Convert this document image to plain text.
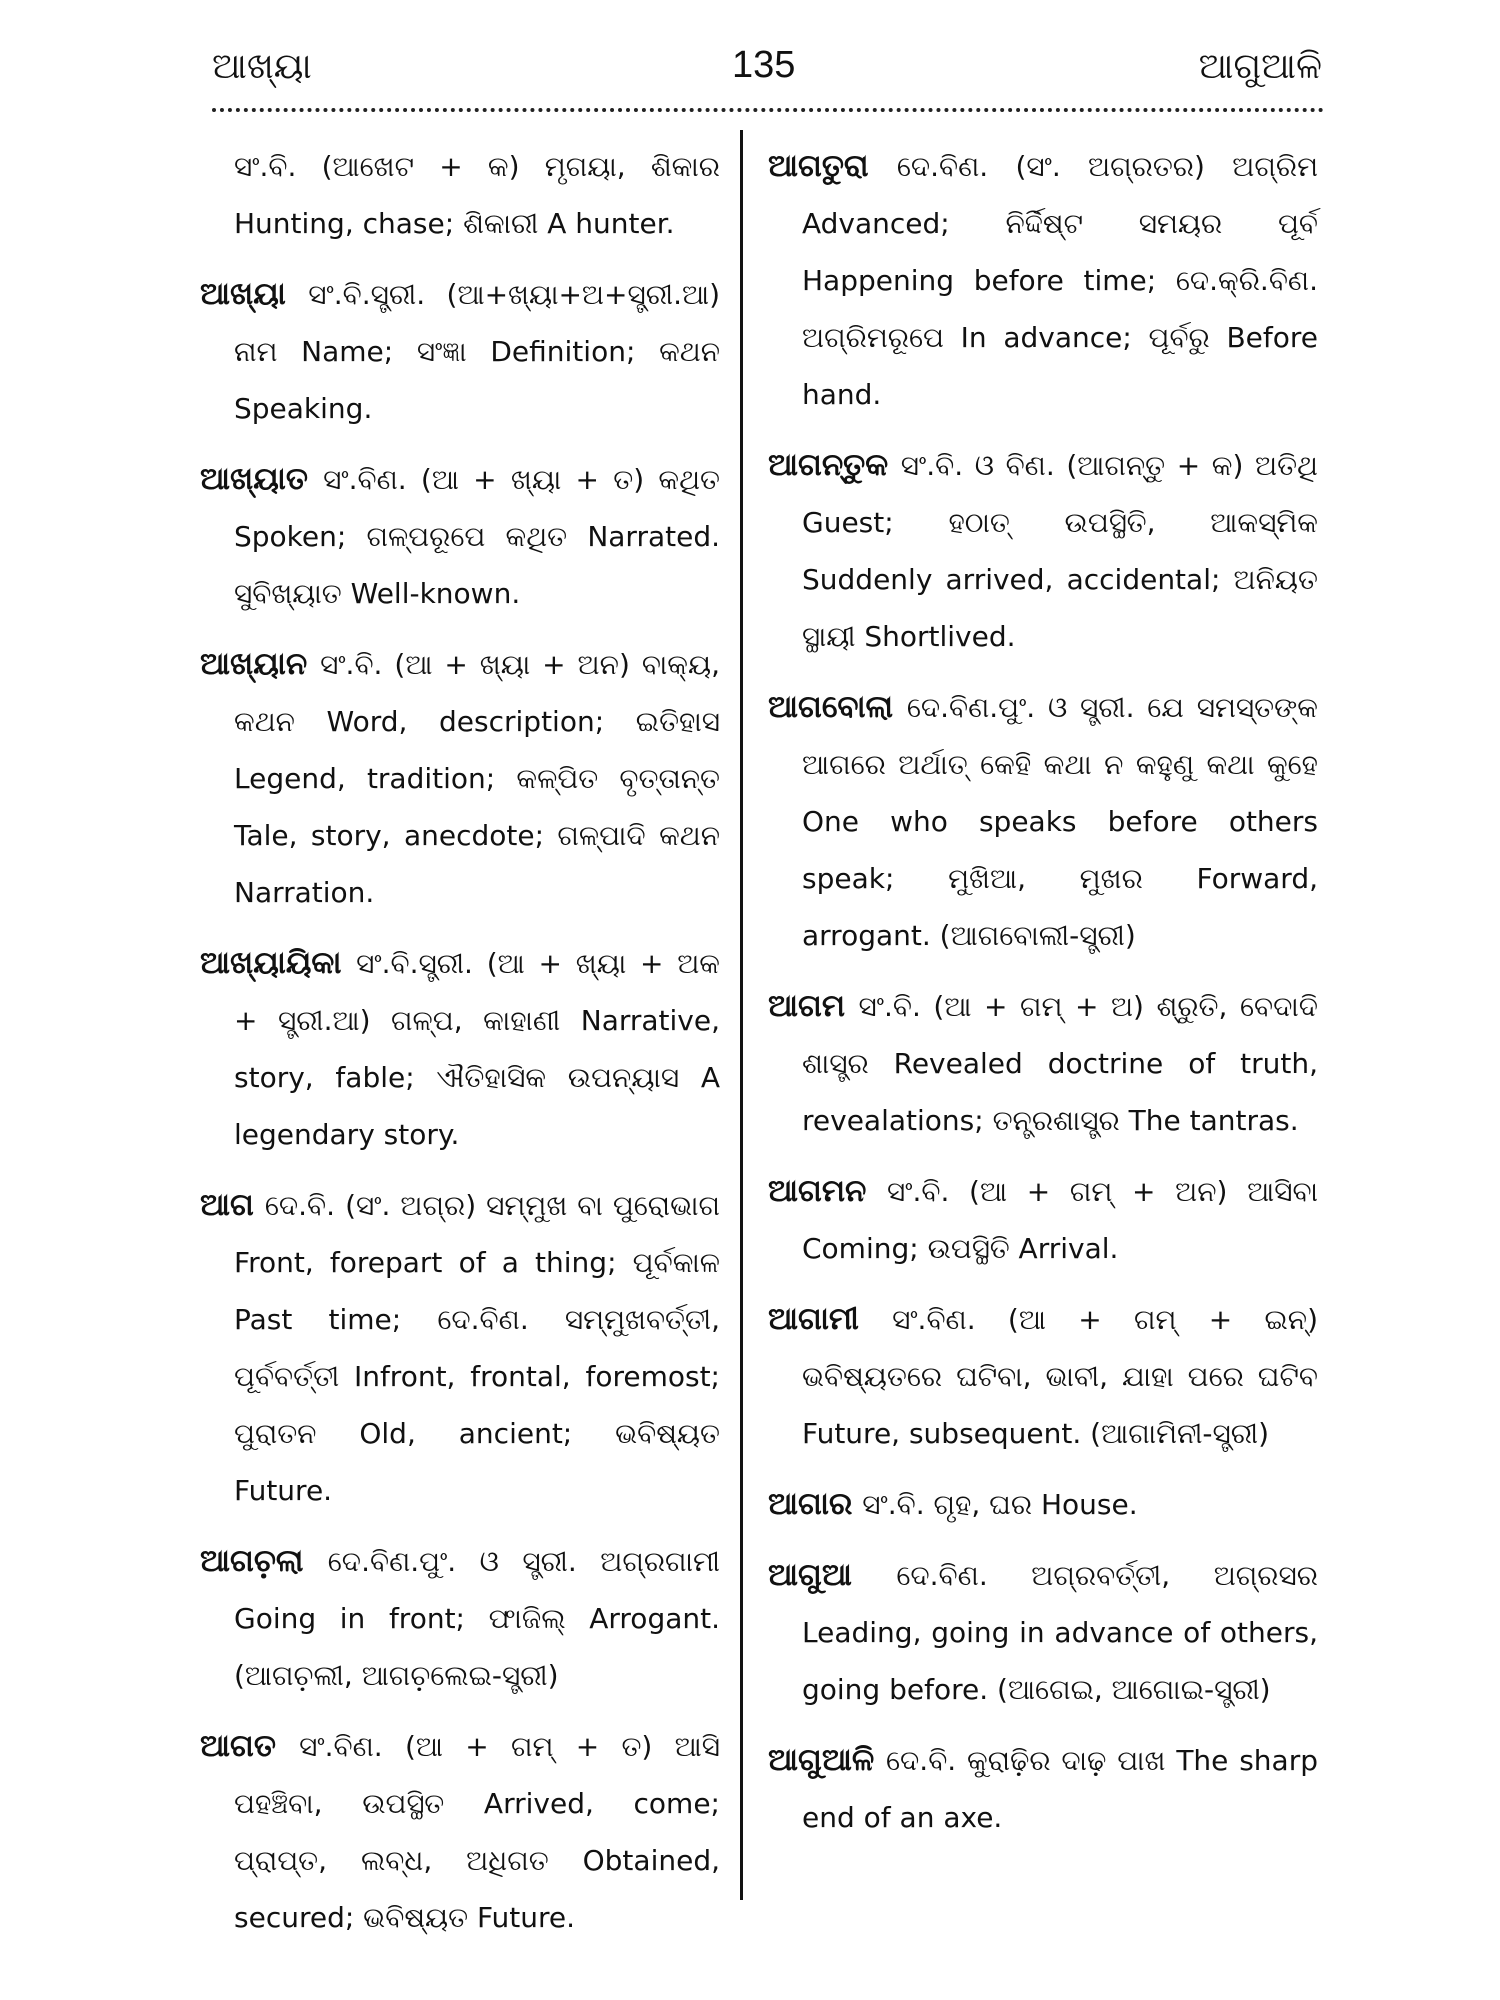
ଆଖ୍ୟା	135	ଆଗୁଆଳି
ସଂ.ବି. (ଆଖେଟ + କ) ମୃଗୟା, ଶିକାର Hunting, chase; ଶିକାରୀ A hunter.
ଆଖ୍ୟା ସଂ.ବି.ସ୍ତ୍ରୀ. (ଆ+ଖ୍ୟା+ଅ+ସ୍ତ୍ରୀ.ଆ) ନାମ Name; ସଂଜ୍ଞା Definition; କଥନ Speaking.
ଆଖ୍ୟାତ ସଂ.ବିଣ. (ଆ + ଖ୍ୟା + ତ) କଥିତ Spoken; ଗଳ୍ପରୂପେ କଥିତ Narrated. ସୁବିଖ୍ୟାତ Well-known.
ଆଖ୍ୟାନ ସଂ.ବି. (ଆ + ଖ୍ୟା + ଅନ) ବାକ୍ୟ, କଥନ Word, description; ଇତିହାସ Legend, tradition; କଳ୍ପିତ ବୃତ୍ତାନ୍ତ Tale, story, anecdote; ଗଳ୍ପାଦି କଥନ Narration.
ଆଖ୍ୟାୟିକା ସଂ.ବି.ସ୍ତ୍ରୀ. (ଆ + ଖ୍ୟା + ଅକ + ସ୍ତ୍ରୀ.ଆ) ଗଳ୍ପ, କାହାଣୀ Narrative, story, fable; ଐତିହାସିକ ଉପନ୍ୟାସ A legendary story.
ଆଗ ଦେ.ବି. (ସଂ. ଅଗ୍ର) ସମ୍ମୁଖ ବା ପୁରୋଭାଗ Front, forepart of a thing; ପୂର୍ବକାଳ Past time; ଦେ.ବିଣ. ସମ୍ମୁଖବର୍ତ୍ତୀ, ପୂର୍ବବର୍ତ୍ତୀ Infront, frontal, foremost; ପୁରାତନ Old, ancient; ଭବିଷ୍ୟତ Future.
ଆଗଚ଼ଲା ଦେ.ବିଣ.ପୁଂ. ଓ ସ୍ତ୍ରୀ. ଅଗ୍ରଗାମୀ Going in front; ଫାଜିଲ୍ Arrogant. (ଆଗଚ଼ଲୀ, ଆଗଚ଼ଲେଇ-ସ୍ତ୍ରୀ)
ଆଗତ ସଂ.ବିଣ. (ଆ + ଗମ୍ + ତ) ଆସି ପହଞ୍ଚିବା, ଉପସ୍ଥିତ Arrived, come; ପ୍ରାପ୍ତ, ଲବ୍ଧ, ଅଧିଗତ Obtained, secured; ଭବିଷ୍ୟତ Future.
ଆଗତୁରା ଦେ.ବିଣ. (ସଂ. ଅଗ୍ରତର) ଅଗ୍ରିମ Advanced; ନିର୍ଦ୍ଦିଷ୍ଟ ସମୟର ପୂର୍ବ Happening before time; ଦେ.କ୍ରି.ବିଣ. ଅଗ୍ରିମରୂପେ In advance; ପୂର୍ବରୁ Before hand.
ଆଗନ୍ତୁକ ସଂ.ବି. ଓ ବିଣ. (ଆଗନ୍ତୁ + କ) ଅତିଥି Guest; ହଠାତ୍ ଉପସ୍ଥିତି, ଆକସ୍ମିକ Suddenly arrived, accidental; ଅନିୟତ ସ୍ଥାୟୀ Shortlived.
ଆଗବୋଲା ଦେ.ବିଣ.ପୁଂ. ଓ ସ୍ତ୍ରୀ. ଯେ ସମସ୍ତଙ୍କ ଆଗରେ ଅର୍ଥାତ୍ କେହି କଥା ନ କହୁଣୁ କଥା କୁହେ One who speaks before others speak; ମୁଖିଆ, ମୁଖର Forward, arrogant. (ଆଗବୋଲୀ-ସ୍ତ୍ରୀ)
ଆଗମ ସଂ.ବି. (ଆ + ଗମ୍ + ଅ) ଶ୍ରୁତି, ବେଦାଦି ଶାସ୍ତ୍ର Revealed doctrine of truth, revealations; ତନ୍ତ୍ରଶାସ୍ତ୍ର The tantras.
ଆଗମନ ସଂ.ବି. (ଆ + ଗମ୍ + ଅନ) ଆସିବା Coming; ଉପସ୍ଥିତି Arrival.
ଆଗାମୀ ସଂ.ବିଣ. (ଆ + ଗମ୍ + ଇନ୍) ଭବିଷ୍ୟତରେ ଘଟିବା, ଭାବୀ, ଯାହା ପରେ ଘଟିବ Future, subsequent. (ଆଗାମିନୀ-ସ୍ତ୍ରୀ)
ଆଗାର ସଂ.ବି. ଗୃହ, ଘର House.
ଆଗୁଆ ଦେ.ବିଣ. ଅଗ୍ରବର୍ତ୍ତୀ, ଅଗ୍ରସର Leading, going in advance of others, going before. (ଆଗେଇ, ଆଗୋଇ-ସ୍ତ୍ରୀ)
ଆଗୁଆଳି ଦେ.ବି. କୁରାଢ଼ିର ଦାଢ଼ ପାଖ The sharp end of an axe.
